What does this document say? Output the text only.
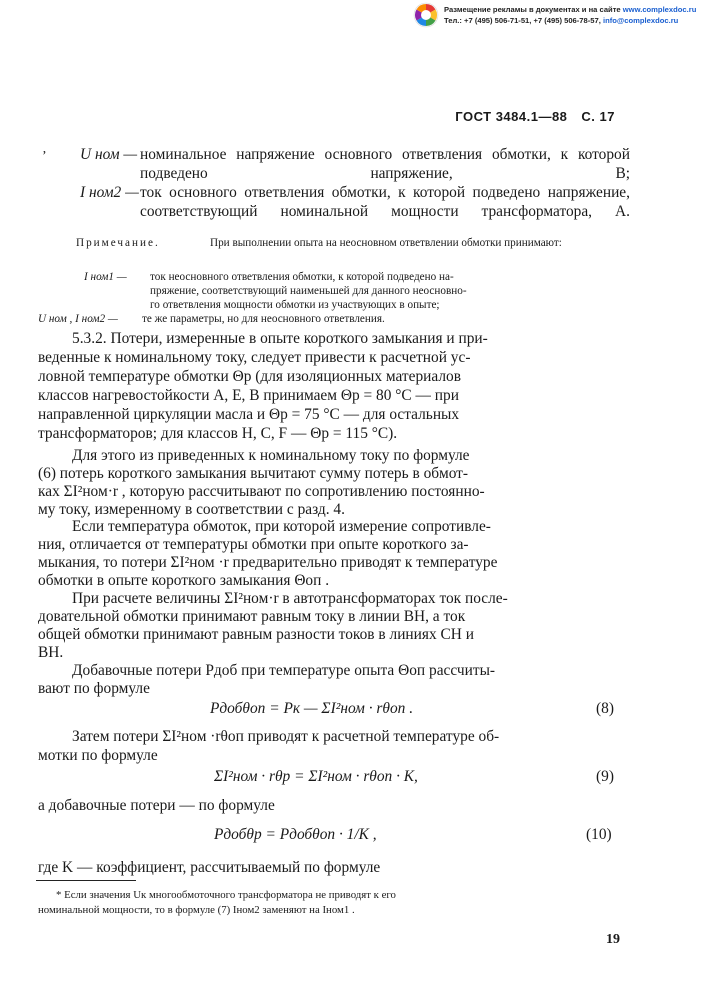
Размещение рекламы в документах и на сайте www.complexdoc.ru
Тел.: +7 (495) 506-71-51, +7 (495) 506-78-57, info@complexdoc.ru
ГОСТ 3484.1—88 С. 17
’ U ном — номинальное напряжение основного ответвления обмотки, к которой подведено напряжение, В;
I ном2 — ток основного ответвления обмотки, к которой подведено напряжение, соответствующий номинальной мощности трансформатора, А.
Примечание.	При выполнении опыта на неосновном ответвлении обмотки принимают:
I ном1 — ток неосновного ответвления обмотки, к которой подведено на-
пряжение, соответствующий наименьшей для данного неосновно-
го ответвления мощности обмотки из участвующих в опыте;
U ном , I ном2 — те же параметры, но для неосновного ответвления.
5.3.2. Потери, измеренные в опыте короткого замыкания и при-
веденные к номинальному току, следует привести к расчетной ус-
ловной температуре обмотки Θр (для изоляционных материалов
классов нагревостойкости А, Е, В принимаем Θр = 80 °С — при
направленной циркуляции масла и Θр = 75 °С — для остальных
трансформаторов; для классов Н, С, F — Θр = 115 °С).
Для этого из приведенных к номинальному току по формуле
(6) потерь короткого замыкания вычитают сумму потерь в обмот-
ках ΣI²ном·r , которую рассчитывают по сопротивлению постоянно-
му току, измеренному в соответствии с разд. 4.
Если температура обмоток, при которой измерение сопротивле-
ния, отличается от температуры обмотки при опыте короткого за-
мыкания, то потери ΣI²ном ·r предварительно приводят к температуре
обмотки в опыте короткого замыкания Θоп .
При расчете величины ΣI²ном·r в автотрансформаторах ток после-
довательной обмотки принимают равным току в линии ВН, а ток
общей обмотки принимают равным разности токов в линиях СН и
ВН.
Добавочные потери Pдоб при температуре опыта Θоп рассчиты-
вают по формуле
Pдобθоп = Pк — ΣI²ном · rθоп .	(8)
Затем потери ΣI²ном ·rθоп приводят к расчетной температуре об-
мотки по формуле
ΣI²ном · rθр = ΣI²ном · rθоп · K,	(9)
а добавочные потери — по формуле
Pдобθр = Pдобθоп · 1/K ,	(10)
где K — коэффициент, рассчитываемый по формуле
* Если значения Uк многообмоточного трансформатора не приводят к его
номинальной мощности, то в формуле (7) Iном2 заменяют на Iном1 .
19
